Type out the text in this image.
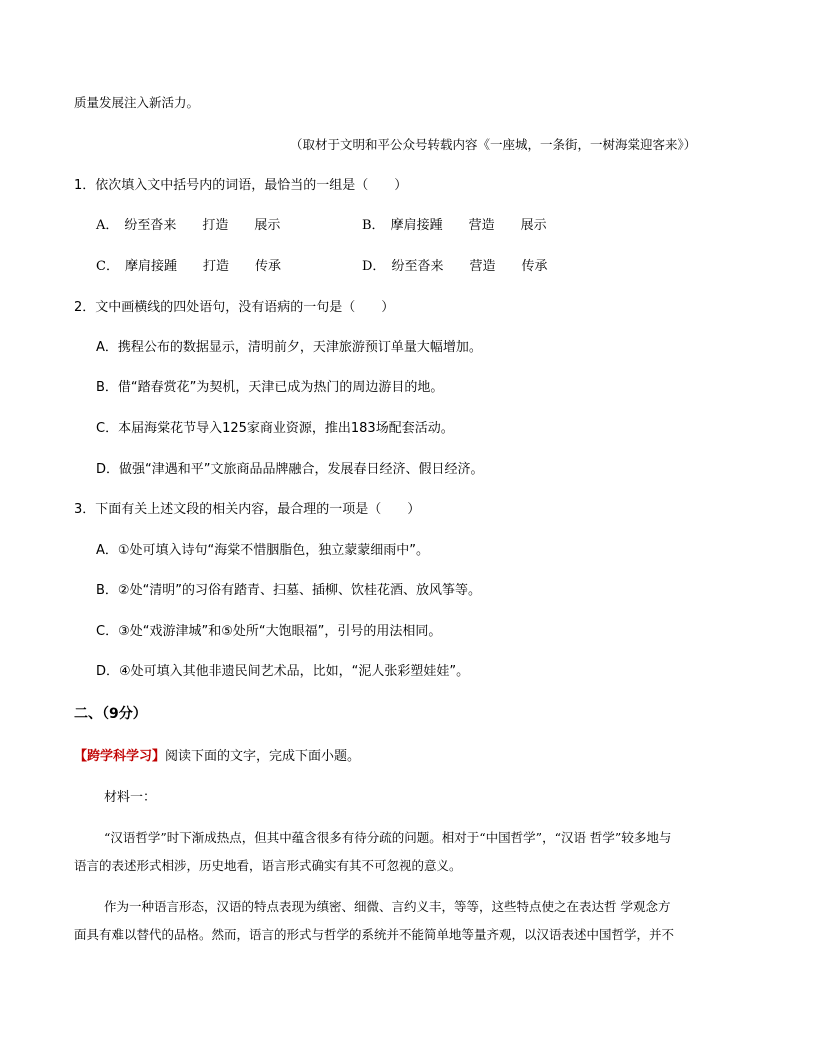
质量发展注入新活力。
（取材于文明和平公众号转载内容《一座城，一条街，一树海棠迎客来》）
1．依次填入文中括号内的词语，最恰当的一组是（　　）
A． 纷至沓来 打造 展示	B． 摩肩接踵 营造 展示
C． 摩肩接踵 打造 传承	D． 纷至沓来 营造 传承
2．文中画横线的四处语句，没有语病的一句是（　　）
A．携程公布的数据显示，清明前夕，天津旅游预订单量大幅增加。
B．借“踏春赏花”为契机，天津已成为热门的周边游目的地。
C．本届海棠花节导入125家商业资源，推出183场配套活动。
D．做强“津遇和平”文旅商品品牌融合，发展春日经济、假日经济。
3．下面有关上述文段的相关内容，最合理的一项是（　　）
A．①处可填入诗句“海棠不惜胭脂色，独立蒙蒙细雨中”。
B．②处“清明”的习俗有踏青、扫墓、插柳、饮桂花酒、放风筝等。
C．③处“戏游津城”和⑤处所“大饱眼福”，引号的用法相同。
D．④处可填入其他非遗民间艺术品，比如，“泥人张彩塑娃娃”。
二、（9分）
【跨学科学习】阅读下面的文字，完成下面小题。
材料一：
“汉语哲学”时下渐成热点，但其中蕴含很多有待分疏的问题。相对于“中国哲学”，“汉语 哲学”较多地与
语言的表述形式相涉，历史地看，语言形式确实有其不可忽视的意义。
作为一种语言形态，汉语的特点表现为缜密、细微、言约义丰，等等，这些特点使之在表达哲 学观念方
面具有难以替代的品格。然而，语言的形式与哲学的系统并不能简单地等量齐观，以汉语表述中国哲学，并不
